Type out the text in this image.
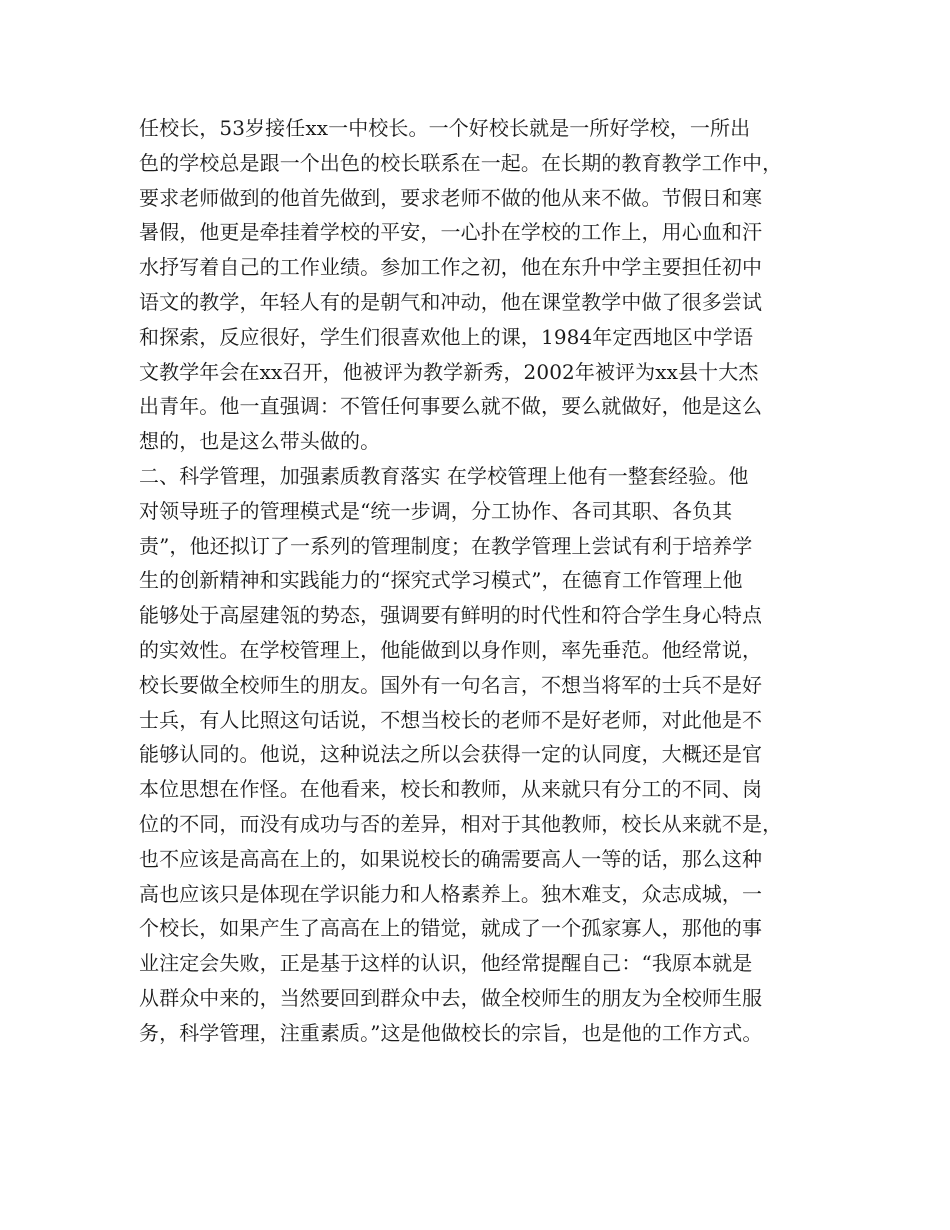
任校长，53岁接任xx一中校长。一个好校长就是一所好学校，一所出
色的学校总是跟一个出色的校长联系在一起。在长期的教育教学工作中，
要求老师做到的他首先做到，要求老师不做的他从来不做。节假日和寒
暑假，他更是牵挂着学校的平安，一心扑在学校的工作上，用心血和汗
水抒写着自己的工作业绩。参加工作之初，他在东升中学主要担任初中
语文的教学，年轻人有的是朝气和冲动，他在课堂教学中做了很多尝试
和探索，反应很好，学生们很喜欢他上的课，1984年定西地区中学语
文教学年会在xx召开，他被评为教学新秀，2002年被评为xx县十大杰
出青年。他一直强调：不管任何事要么就不做，要么就做好，他是这么
想的，也是这么带头做的。
二、科学管理，加强素质教育落实 在学校管理上他有一整套经验。他
对领导班子的管理模式是“统一步调，分工协作、各司其职、各负其
责”，他还拟订了一系列的管理制度；在教学管理上尝试有利于培养学
生的创新精神和实践能力的“探究式学习模式”，在德育工作管理上他
能够处于高屋建瓴的势态，强调要有鲜明的时代性和符合学生身心特点
的实效性。在学校管理上，他能做到以身作则，率先垂范。他经常说，
校长要做全校师生的朋友。国外有一句名言，不想当将军的士兵不是好
士兵，有人比照这句话说，不想当校长的老师不是好老师，对此他是不
能够认同的。他说，这种说法之所以会获得一定的认同度，大概还是官
本位思想在作怪。在他看来，校长和教师，从来就只有分工的不同、岗
位的不同，而没有成功与否的差异，相对于其他教师，校长从来就不是，
也不应该是高高在上的，如果说校长的确需要高人一等的话，那么这种
高也应该只是体现在学识能力和人格素养上。独木难支，众志成城，一
个校长，如果产生了高高在上的错觉，就成了一个孤家寡人，那他的事
业注定会失败，正是基于这样的认识，他经常提醒自己：“我原本就是
从群众中来的，当然要回到群众中去，做全校师生的朋友为全校师生服
务，科学管理，注重素质。”这是他做校长的宗旨，也是他的工作方式。
